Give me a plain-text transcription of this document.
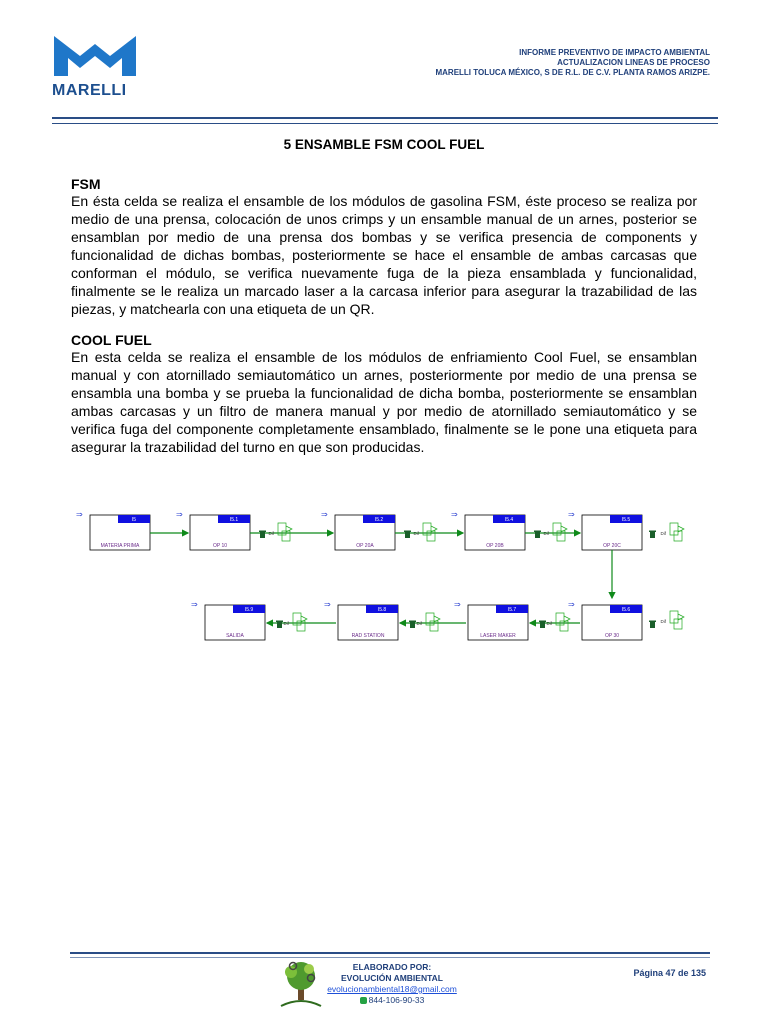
MARELLI
INFORME PREVENTIVO DE IMPACTO AMBIENTAL
ACTUALIZACION LINEAS DE PROCESO
MARELLI TOLUCA MÉXICO, S DE R.L. DE C.V. PLANTA RAMOS ARIZPE.
5 ENSAMBLE FSM COOL FUEL
FSM

En ésta celda se realiza el ensamble de los módulos de gasolina FSM, éste proceso se realiza por medio de una prensa, colocación de unos crimps y un ensamble manual de un arnes, posterior se ensamblan por medio de una prensa dos bombas y se verifica presencia de components y funcionalidad de dichas bombas, posteriormente se hace el ensamble de ambas carcasas que conforman el módulo, se verifica nuevamente fuga de la pieza ensamblada y funcionalidad, finalmente se le realiza un marcado laser a la carcasa inferior para asegurar la trazabilidad de las piezas, y matchearla con una etiqueta de un QR.

COOL FUEL

En esta celda se realiza el ensamble de los módulos de enfriamiento Cool Fuel, se ensamblan manual y con atornillado semiautomático un arnes, posteriormente por medio de una prensa se ensambla una bomba y se prueba la funcionalidad de dicha bomba, posteriormente se ensamblan ambas carcasas y un filtro de manera manual y por medio de atornillado semiautomático y se verifica fuga del componente completamente ensamblado, finalmente se le pone una etiqueta para asegurar la trazabilidad del turno en que son producidas.

I5
MATERIA PRIMA
⇒
I5.1
OP 10
⇒
I5.2
OP 20A
⇒
I5.4
OP 20B
⇒
I5.5
OP 20C
⇒
Dif	Dif	Dif	Dif
I5.9
SALIDA
⇒
I5.8
RAD STATION
⇒
I5.7
LASER MAKER
⇒
I5.6
OP 30
⇒
Dif
Dif
Dif	Dif
ELABORADO POR:
EVOLUCIÓN AMBIENTAL
evolucionambiental18@gmail.com
844-106-90-33
Página 47 de 135
